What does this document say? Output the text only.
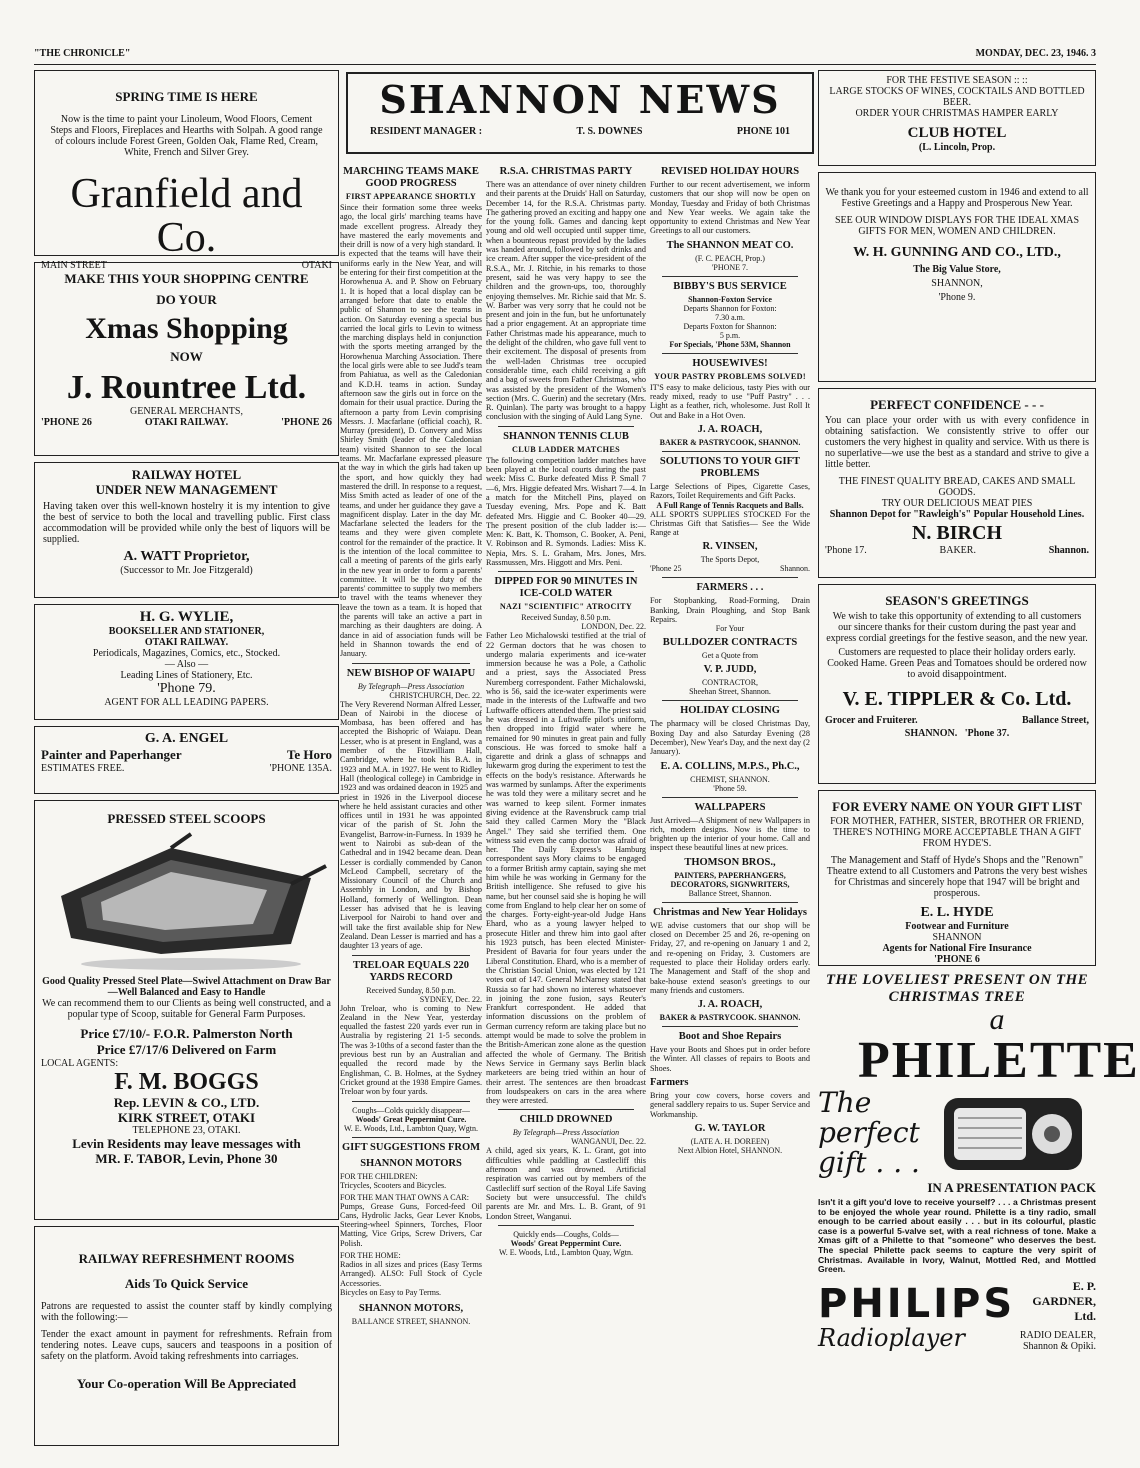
"THE CHRONICLE"	MONDAY, DEC. 23, 1946. 3
SPRING TIME IS HERE
Now is the time to paint your Linoleum, Wood Floors, Cement Steps and Floors, Fireplaces and Hearths with Solpah. A good range of colours include Forest Green, Golden Oak, Flame Red, Cream, White, French and Silver Grey.
Granfield and Co.
MAIN STREET	OTAKI
MAKE THIS YOUR SHOPPING CENTRE
DO YOUR
Xmas Shopping
NOW
J. Rountree Ltd.
GENERAL MERCHANTS,
'PHONE 26	OTAKI RAILWAY.	'PHONE 26
RAILWAY HOTEL
UNDER NEW MANAGEMENT
Having taken over this well-known hostelry it is my intention to give the best of service to both the local and travelling public. First class accommodation will be provided while only the best of liquors will be supplied.
A. WATT Proprietor,
(Successor to Mr. Joe Fitzgerald)
H. G. WYLIE,
BOOKSELLER AND STATIONER,
OTAKI RAILWAY.
Periodicals, Magazines, Comics, etc., Stocked.
— Also —
Leading Lines of Stationery, Etc.
'Phone 79.
AGENT FOR ALL LEADING PAPERS.
G. A. ENGEL
Painter and Paperhanger	Te Horo
ESTIMATES FREE.	'PHONE 135A.
PRESSED STEEL SCOOPS
Good Quality Pressed Steel Plate—Swivel Attachment on Draw Bar—Well Balanced and Easy to Handle
We can recommend them to our Clients as being well constructed, and a popular type of Scoop, suitable for General Farm Purposes.
Price £7/10/- F.O.R. Palmerston North
Price £7/17/6 Delivered on Farm
LOCAL AGENTS:
F. M. BOGGS
Rep. LEVIN & CO., LTD.
KIRK STREET, OTAKI
TELEPHONE 23, OTAKI.
Levin Residents may leave messages with
MR. F. TABOR, Levin, Phone 30
RAILWAY REFRESHMENT ROOMS
Aids To Quick Service
Patrons are requested to assist the counter staff by kindly complying with the following:—
Tender the exact amount in payment for refreshments. Refrain from tendering notes. Leave cups, saucers and teaspoons in a position of safety on the platform. Avoid taking refreshments into carriages.
Your Co-operation Will Be Appreciated
SHANNON NEWS
RESIDENT MANAGER :	T. S. DOWNES	PHONE 101
MARCHING TEAMS MAKE GOOD PROGRESS
FIRST APPEARANCE SHORTLY

Since their formation some three weeks ago, the local girls' marching teams have made excellent progress. Already they have mastered the early movements and their drill is now of a very high standard. It is expected that the teams will have their uniforms early in the New Year, and will be entering for their first competition at the Horowhenua A. and P. Show on February 1. It is hoped that a local display can be arranged before that date to enable the public of Shannon to see the teams in action. On Saturday evening a special bus carried the local girls to Levin to witness the marching displays held in conjunction with the sports meeting arranged by the Horowhenua Marching Association. There the local girls were able to see Judd's team from Pahiatua, as well as the Caledonian and K.D.H. teams in action. Sunday afternoon saw the girls out in force on the domain for their usual practice. During the afternoon a party from Levin comprising Messrs. J. Macfarlane (official coach), R. Murray (president), D. Convery and Miss Shirley Smith (leader of the Caledonian team) visited Shannon to see the local teams. Mr. Macfarlane expressed pleasure at the way in which the girls had taken up the sport, and how quickly they had mastered the drill. In response to a request, Miss Smith acted as leader of one of the teams, and under her guidance they gave a magnificent display. Later in the day Mr. Macfarlane selected the leaders for the teams and they were given complete control for the remainder of the practice. It is the intention of the local committee to call a meeting of parents of the girls early in the new year in order to form a parents' committee. It will be the duty of the parents' committee to supply two members to travel with the teams whenever they leave the town as a team. It is hoped that the parents will take an active a part in marching as their daughters are doing. A dance in aid of association funds will be held in Shannon towards the end of January.

NEW BISHOP OF WAIAPU
By Telegraph—Press Association
CHRISTCHURCH, Dec. 22.

The Very Reverend Norman Alfred Lesser, Dean of Nairobi in the diocese of Mombasa, has been offered and has accepted the Bishopric of Waiapu. Dean Lesser, who is at present in England, was a member of the Fitzwilliam Hall, Cambridge, where he took his B.A. in 1923 and M.A. in 1927. He went to Ridley Hall (theological college) in Cambridge in 1923 and was ordained deacon in 1925 and priest in 1926 in the Liverpool diocese where he held assistant curacies and other offices until in 1931 he was appointed vicar of the parish of St. John the Evangelist, Barrow-in-Furness. In 1939 he went to Nairobi as sub-dean of the Cathedral and in 1942 became dean. Dean Lesser is cordially commended by Canon McLeod Campbell, secretary of the Missionary Council of the Church and Assembly in London, and by Bishop Holland, formerly of Wellington. Dean Lesser has advised that he is leaving Liverpool for Nairobi to hand over and will take the first available ship for New Zealand. Dean Lesser is married and has a daughter 13 years of age.

TRELOAR EQUALS 220 YARDS RECORD
Received Sunday, 8.50 p.m.
SYDNEY, Dec. 22.

John Treloar, who is coming to New Zealand in the New Year, yesterday equalled the fastest 220 yards ever run in Australia by registering 21 1-5 seconds. The was 3-10ths of a second faster than the previous best run by an Australian and equalled the record made by the Englishman, C. B. Holmes, at the Sydney Cricket ground at the 1938 Empire Games. Treloar won by four yards.

Coughs—Colds quickly disappear—
Woods' Great Peppermint Cure.
W. E. Woods, Ltd., Lambton Quay, Wgtn.
GIFT SUGGESTIONS FROM
SHANNON MOTORS
FOR THE CHILDREN:
Tricycles, Scooters and Bicycles.
FOR THE MAN THAT OWNS A CAR:
Pumps, Grease Guns, Forced-feed Oil Cans, Hydrolic Jacks, Gear Lever Knobs, Steering-wheel Spinners, Torches, Floor Matting, Vice Grips, Screw Drivers, Car Polish.
FOR THE HOME:
Radios in all sizes and prices (Easy Terms Arranged). ALSO: Full Stock of Cycle Accessories.
Bicycles on Easy to Pay Terms.
SHANNON MOTORS,
BALLANCE STREET, SHANNON.
R.S.A. CHRISTMAS PARTY

There was an attendance of over ninety children and their parents at the Druids' Hall on Saturday, December 14, for the R.S.A. Christmas party. The gathering proved an exciting and happy one for the young folk. Games and dancing kept young and old well occupied until supper time, when a bounteous repast provided by the ladies was handed around, followed by soft drinks and ice cream. After supper the vice-president of the R.S.A., Mr. J. Ritchie, in his remarks to those present, said he was very happy to see the children and the grown-ups, too, thoroughly enjoying themselves. Mr. Richie said that Mr. S. W. Barber was very sorry that he could not be present and join in the fun, but he unfortunately had a prior engagement. At an appropriate time Father Christmas made his appearance, much to the delight of the children, who gave full vent to their excitement. The disposal of presents from the well-laden Christmas tree occupied considerable time, each child receiving a gift and a bag of sweets from Father Christmas, who was assisted by the president of the Women's section (Mrs. C. Guerin) and the secretary (Mrs. R. Quinlan). The party was brought to a happy conclusion with the singing of Auld Lang Syne.

SHANNON TENNIS CLUB
CLUB LADDER MATCHES

The following competition ladder matches have been played at the local courts during the past week: Miss C. Burke defeated Miss P. Small 7—6, Mrs. Higgie defeated Mrs. Wishart 7—4. In a match for the Mitchell Pins, played on Tuesday evening, Mrs. Pope and K. Batt defeated Mrs. Higgie and C. Booker 40—29. The present position of the club ladder is:—Men: K. Batt, K. Thomson, C. Booker, A. Peni, V. Robinson and R. Symonds. Ladies: Miss K. Nepia, Mrs. S. L. Graham, Mrs. Jones, Mrs. Rassmussen, Mrs. Higgott and Mrs. Peni.

DIPPED FOR 90 MINUTES IN ICE-COLD WATER
NAZI "SCIENTIFIC" ATROCITY
Received Sunday, 8.50 p.m.
LONDON, Dec. 22.

Father Leo Michalowski testified at the trial of 22 German doctors that he was chosen to undergo malaria experiments and ice-water immersion because he was a Pole, a Catholic and a priest, says the Associated Press Nuremberg correspondent. Father Michalowski, who is 56, said the ice-water experiments were made in the interests of the Luftwaffe and two Luftwaffe officers attended them. The priest said he was dressed in a Luftwaffe pilot's uniform, then dropped into frigid water where he remained for 90 minutes in great pain and fully conscious. He was forced to smoke half a cigarette and drink a glass of schnapps and lukewarm grog during the experiment to test the effects on the body's resistance. Afterwards he was warmed by sunlamps. After the experiments he was told they were a military secret and he was warned to keep silent. Former inmates giving evidence at the Ravensbruck camp trial said they called Carmen Mory the "Black Angel." They said she terrified them. One witness said even the camp doctor was afraid of her. The Daily Express's Hamburg correspondent says Mory claims to be engaged to a former British army captain, saying she met him while he was working in Germany for the British intelligence. She refused to give his name, but her counsel said she is hoping he will come from England to help clear her on some of the charges. Forty-eight-year-old Judge Hans Ehard, who as a young lawyer helped to prosecute Hitler and threw him into gaol after his 1923 putsch, has been elected Minister-President of Bavaria for four years under the Liberal Constitution. Ehard, who is a member of the Christian Social Union, was elected by 121 votes out of 147. General McNarney stated that Russia so far had shown no interest whatsoever in joining the zone fusion, says Reuter's Frankfurt correspondent. He added that information discussions on the problem of German currency reform are taking place but no attempt would be made to solve the problem in the British-American zone alone as the question affected the whole of Germany. The British News Service in Germany says Berlin black marketeers are being tried within an hour of their arrest. The sentences are then broadcast from loudspeakers on cars in the area where they were arrested.

CHILD DROWNED
By Telegraph—Press Association
WANGANUI, Dec. 22.

A child, aged six years, K. L. Grant, got into difficulties while paddling at Castlecliff this afternoon and was drowned. Artificial respiration was carried out by members of the Castlecliff surf section of the Royal Life Saving Society but were unsuccessful. The child's parents are Mr. and Mrs. L. B. Grant, of 91 London Street, Wanganui.

Quickly ends—Coughs, Colds—
Woods' Great Peppermint Cure.
W. E. Woods, Ltd., Lambton Quay, Wgtn.
REVISED HOLIDAY HOURS

Further to our recent advertisement, we inform customers that our shop will now be open on Monday, Tuesday and Friday of both Christmas and New Year weeks. We again take the opportunity to extend Christmas and New Year Greetings to all our customers.

The SHANNON MEAT CO.
(F. C. PEACH, Prop.)
'PHONE 7.
BIBBY'S BUS SERVICE
Shannon-Foxton Service
Departs Shannon for Foxton:
7.30 a.m.
Departs Foxton for Shannon:
5 p.m.
For Specials, 'Phone 53M, Shannon
HOUSEWIVES!
YOUR PASTRY PROBLEMS SOLVED!

IT'S easy to make delicious, tasty Pies with our ready mixed, ready to use "Puff Pastry" . . . Light as a feather, rich, wholesome. Just Roll It Out and Bake in a Hot Oven.

J. A. ROACH,
BAKER & PASTRYCOOK, SHANNON.
SOLUTIONS TO YOUR GIFT PROBLEMS

Large Selections of Pipes, Cigarette Cases, Razors, Toilet Requirements and Gift Packs.

A Full Range of Tennis Racquets and Balls.

ALL SPORTS SUPPLIES STOCKED For the Christmas Gift that Satisfies— See the Wide Range at

R. VINSEN,
The Sports Depot,
'Phone 25	Shannon.
FARMERS . . .

For Stopbanking, Road-Forming, Drain Banking, Drain Ploughing, and Stop Bank Repairs.

For Your
BULLDOZER CONTRACTS
Get a Quote from
V. P. JUDD,
CONTRACTOR,
Sheehan Street, Shannon.
HOLIDAY CLOSING

The pharmacy will be closed Christmas Day, Boxing Day and also Saturday Evening (28 December), New Year's Day, and the next day (2 January).

E. A. COLLINS, M.P.S., Ph.C.,
CHEMIST, SHANNON.
'Phone 59.
WALLPAPERS

Just Arrived—A Shipment of new Wallpapers in rich, modern designs. Now is the time to brighten up the interior of your home. Call and inspect these beautiful lines at new prices.

THOMSON BROS.,
PAINTERS, PAPERHANGERS, DECORATORS, SIGNWRITERS,
Ballance Street, Shannon.
Christmas and New Year Holidays

WE advise customers that our shop will be closed on December 25 and 26, re-opening on Friday, 27, and re-opening on January 1 and 2, and re-opening on Friday, 3. Customers are requested to place their Holiday orders early. The Management and Staff of the shop and bake-house extend season's greetings to our many friends and customers.

J. A. ROACH,
BAKER & PASTRYCOOK. SHANNON.
Boot and Shoe Repairs

Have your Boots and Shoes put in order before the Winter. All classes of repairs to Boots and Shoes.

Farmers

Bring your cow covers, horse covers and general saddlery repairs to us. Super Service and Workmanship.

G. W. TAYLOR
(LATE A. H. DOREEN)
Next Albion Hotel, SHANNON.
FOR THE FESTIVE SEASON :: ::
LARGE STOCKS OF WINES, COCKTAILS AND BOTTLED BEER.
ORDER YOUR CHRISTMAS HAMPER EARLY
CLUB HOTEL
(L. Lincoln, Prop.
We thank you for your esteemed custom in 1946 and extend to all Festive Greetings and a Happy and Prosperous New Year.
SEE OUR WINDOW DISPLAYS FOR THE IDEAL XMAS GIFTS FOR MEN, WOMEN AND CHILDREN.
W. H. GUNNING AND CO., LTD.,
The Big Value Store,
SHANNON,
'Phone 9.
PERFECT CONFIDENCE - - -
You can place your order with us with every confidence in obtaining satisfaction. We consistently strive to offer our customers the very highest in quality and service. With us there is no superlative—we use the best as a standard and strive to give a little better.
THE FINEST QUALITY BREAD, CAKES AND SMALL GOODS.
TRY OUR DELICIOUS MEAT PIES
Shannon Depot for "Rawleigh's" Popular Household Lines.
N. BIRCH
'Phone 17.	BAKER.	Shannon.
SEASON'S GREETINGS
We wish to take this opportunity of extending to all customers our sincere thanks for their custom during the past year and express cordial greetings for the festive season, and the new year.
Customers are requested to place their holiday orders early. Cooked Hame. Green Peas and Tomatoes should be ordered now to avoid disappointment.
V. E. TIPPLER & Co. Ltd.
Grocer and Fruiterer.	Ballance Street,
SHANNON. 'Phone 37.
FOR EVERY NAME ON YOUR GIFT LIST
FOR MOTHER, FATHER, SISTER, BROTHER OR FRIEND, THERE'S NOTHING MORE ACCEPTABLE THAN A GIFT FROM HYDE'S.
The Management and Staff of Hyde's Shops and the "Renown" Theatre extend to all Customers and Patrons the very best wishes for Christmas and sincerely hope that 1947 will be bright and prosperous.
E. L. HYDE
Footwear and Furniture
SHANNON
Agents for National Fire Insurance
'PHONE 6
THE LOVELIEST PRESENT ON THE CHRISTMAS TREE
a
PHILETTE
The perfect gift . . .
IN A PRESENTATION PACK
Isn't it a gift you'd love to receive yourself? . . . a Christmas present to be enjoyed the whole year round. Philette is a tiny radio, small enough to be carried about easily . . . but in its colourful, plastic case is a powerful 5-valve set, with a real richness of tone. Make a Xmas gift of a Philette to that "someone" who deserves the best. The special Philette pack seems to capture the very spirit of Christmas. Available in Ivory, Walnut, Mottled Red, and Mottled Green.
PHILIPS	E. P. GARDNER, Ltd.
Radioplayer	RADIO DEALER,
Shannon & Opiki.
